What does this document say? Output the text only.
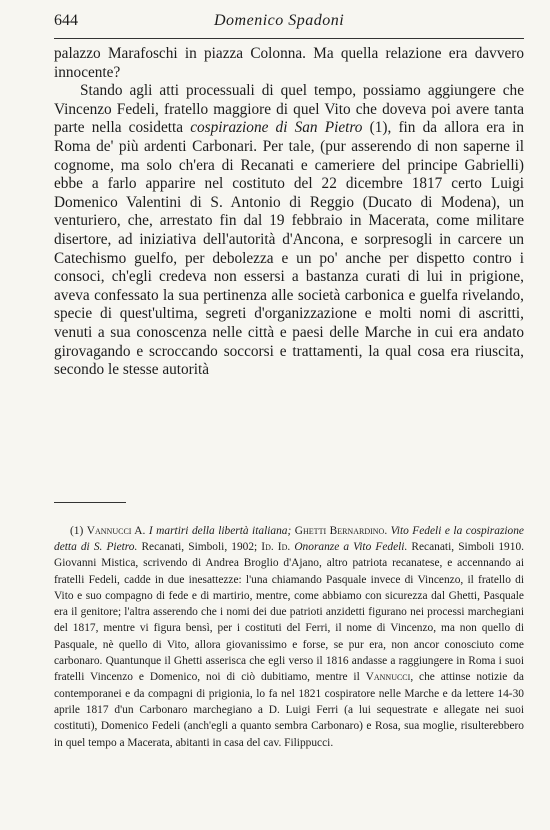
644	Domenico Spadoni

palazzo Marafoschi in piazza Colonna. Ma quella relazione era davvero innocente?

Stando agli atti processuali di quel tempo, possiamo aggiungere che Vincenzo Fedeli, fratello maggiore di quel Vito che doveva poi avere tanta parte nella cosidetta cospirazione di San Pietro (1), fin da allora era in Roma de' più ardenti Carbonari. Per tale, (pur asserendo di non saperne il cognome, ma solo ch'era di Recanati e cameriere del principe Gabrielli) ebbe a farlo apparire nel costituto del 22 dicembre 1817 certo Luigi Domenico Valentini di S. Antonio di Reggio (Ducato di Modena), un venturiero, che, arrestato fin dal 19 febbraio in Macerata, come militare disertore, ad iniziativa dell'autorità d'Ancona, e sorpresogli in carcere un Catechismo guelfo, per debolezza e un po' anche per dispetto contro i consoci, ch'egli credeva non essersi a bastanza curati di lui in prigione, aveva confessato la sua pertinenza alle società carbonica e guelfa rivelando, specie di quest'ultima, segreti d'organizzazione e molti nomi di ascritti, venuti a sua conoscenza nelle città e paesi delle Marche in cui era andato girovagando e scroccando soccorsi e trattamenti, la qual cosa era riuscita, secondo le stesse autorità

(1) Vannucci A. I martiri della libertà italiana; Ghetti Bernardino. Vito Fedeli e la cospirazione detta di S. Pietro. Recanati, Simboli, 1902; Id. Id. Onoranze a Vito Fedeli. Recanati, Simboli 1910. Giovanni Mistica, scrivendo di Andrea Broglio d'Ajano, altro patriota recanatese, e accennando ai fratelli Fedeli, cadde in due inesattezze: l'una chiamando Pasquale invece di Vincenzo, il fratello di Vito e suo compagno di fede e di martirio, mentre, come abbiamo con sicurezza dal Ghetti, Pasquale era il genitore; l'altra asserendo che i nomi dei due patrioti anzidetti figurano nei processi marchegiani del 1817, mentre vi figura bensì, per i costituti del Ferri, il nome di Vincenzo, ma non quello di Pasquale, nè quello di Vito, allora giovanissimo e forse, se pur era, non ancor conosciuto come carbonaro. Quantunque il Ghetti asserisca che egli verso il 1816 andasse a raggiungere in Roma i suoi fratelli Vincenzo e Domenico, noi di ciò dubitiamo, mentre il Vannucci, che attinse notizie da contemporanei e da compagni di prigionia, lo fa nel 1821 cospiratore nelle Marche e da lettere 14-30 aprile 1817 d'un Carbonaro marchegiano a D. Luigi Ferri (a lui sequestrate e allegate nei suoi costituti), Domenico Fedeli (anch'egli a quanto sembra Carbonaro) e Rosa, sua moglie, risulterebbero in quel tempo a Macerata, abitanti in casa del cav. Filippucci.
